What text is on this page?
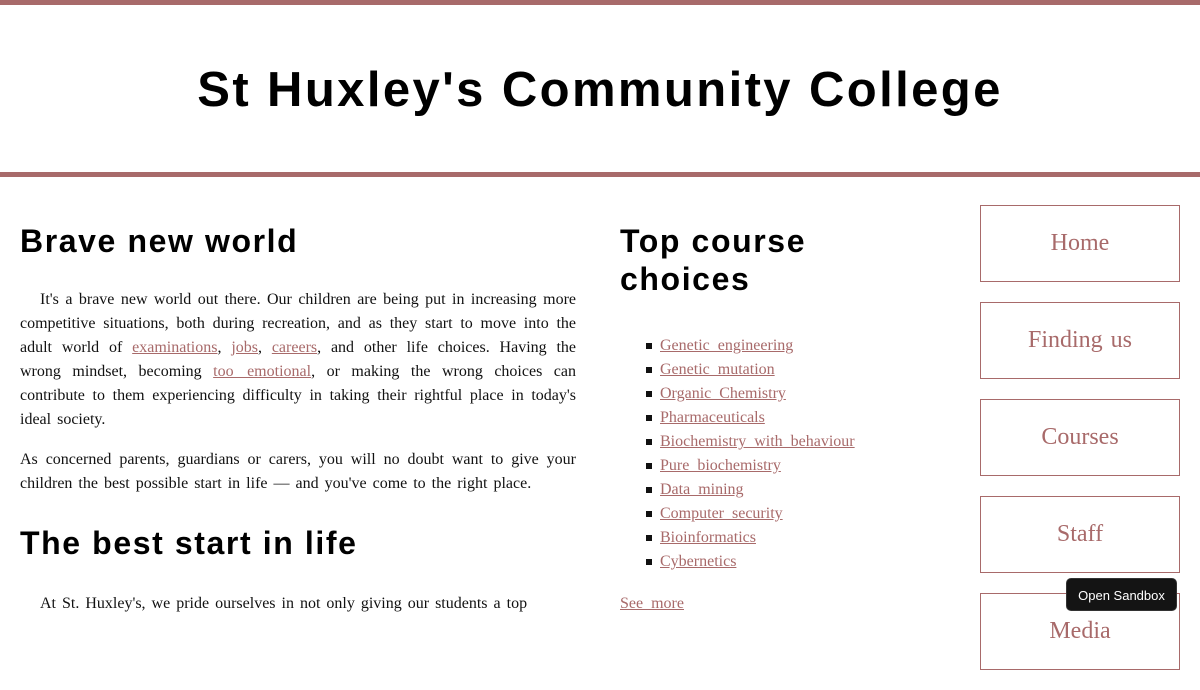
St Huxley's Community College
Brave new world

It's a brave new world out there. Our children are being put in increasing more competitive situations, both during recreation, and as they start to move into the adult world of examinations, jobs, careers, and other life choices. Having the wrong mindset, becoming too emotional, or making the wrong choices can contribute to them experiencing difficulty in taking their rightful place in today's ideal society.

As concerned parents, guardians or carers, you will no doubt want to give your children the best possible start in life — and you've come to the right place.

The best start in life

At St. Huxley's, we pride ourselves in not only giving our students a top

Top course choices
Genetic engineering
Genetic mutation
Organic Chemistry
Pharmaceuticals
Biochemistry with behaviour
Pure biochemistry
Data mining
Computer security
Bioinformatics
Cybernetics
See more
Home
Finding us
Courses
Staff
Media
Open Sandbox
